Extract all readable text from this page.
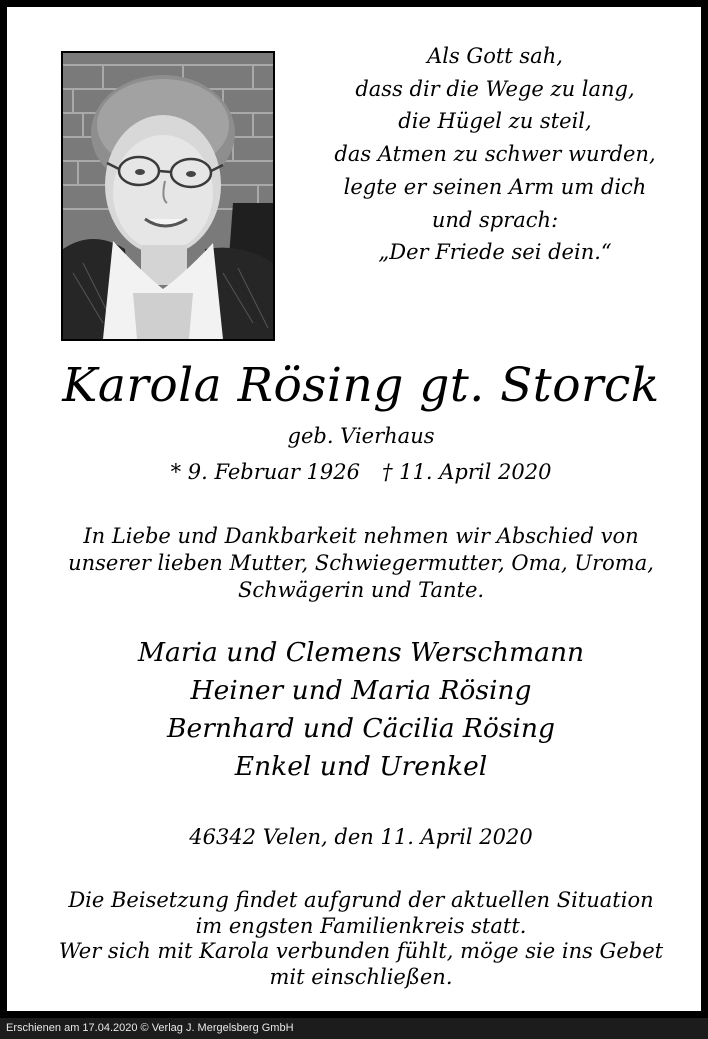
Als Gott sah,
dass dir die Wege zu lang,
die Hügel zu steil,
das Atmen zu schwer wurden,
legte er seinen Arm um dich
und sprach:
„Der Friede sei dein.“
Karola Rösing gt. Storck
geb. Vierhaus
* 9. Februar 1926 † 11. April 2020
In Liebe und Dankbarkeit nehmen wir Abschied von
unserer lieben Mutter, Schwiegermutter, Oma, Uroma,
Schwägerin und Tante.
Maria und Clemens Werschmann
Heiner und Maria Rösing
Bernhard und Cäcilia Rösing
Enkel und Urenkel
46342 Velen, den 11. April 2020
Die Beisetzung findet aufgrund der aktuellen Situation
im engsten Familienkreis statt.
Wer sich mit Karola verbunden fühlt, möge sie ins Gebet
mit einschließen.
Erschienen am 17.04.2020 © Verlag J. Mergelsberg GmbH
